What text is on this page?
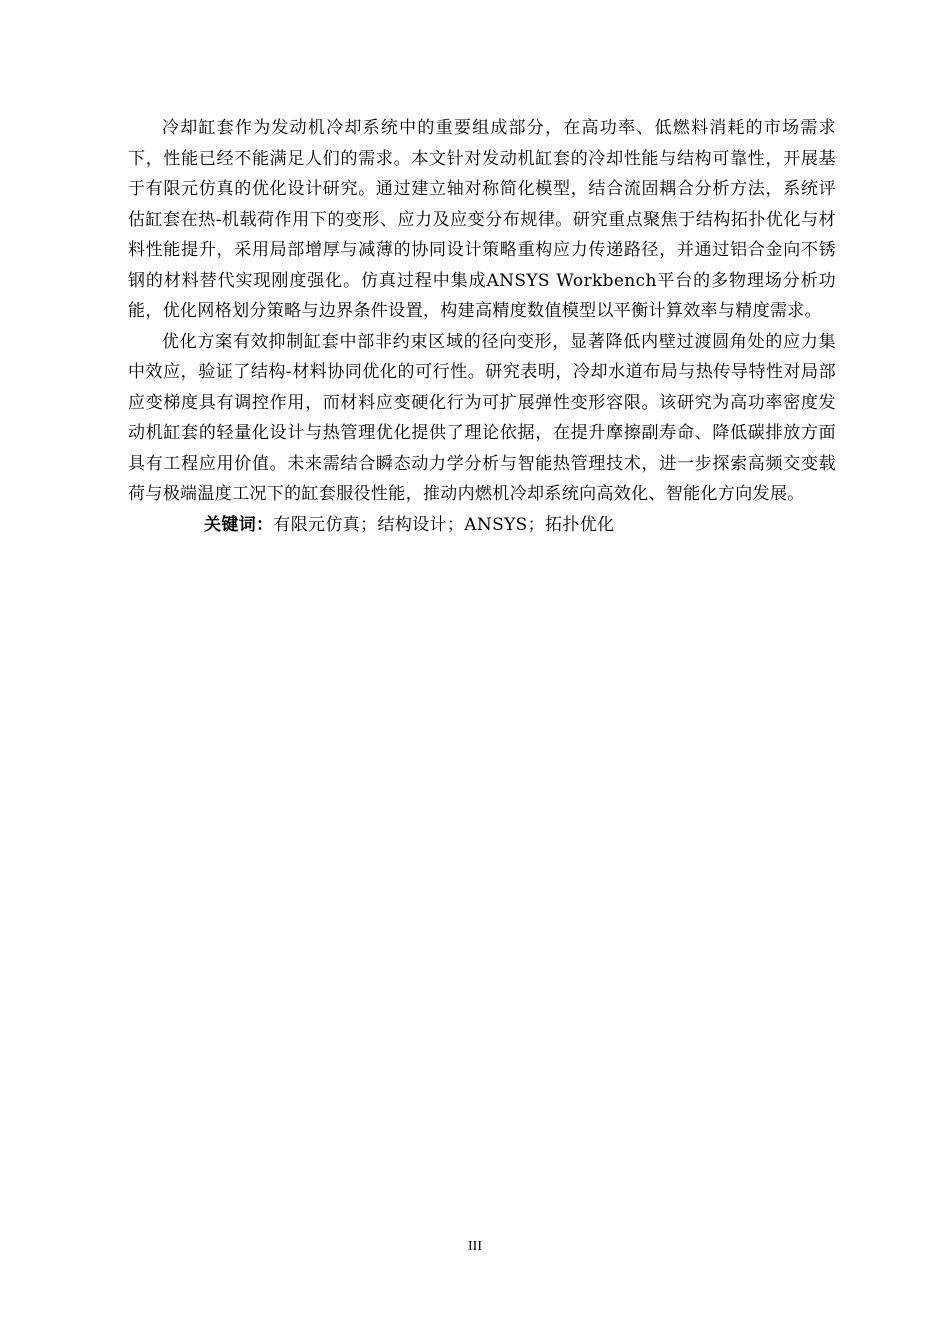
冷却缸套作为发动机冷却系统中的重要组成部分，在高功率、低燃料消耗的市场需求下，性能已经不能满足人们的需求。本文针对发动机缸套的冷却性能与结构可靠性，开展基于有限元仿真的优化设计研究。通过建立轴对称简化模型，结合流固耦合分析方法，系统评估缸套在热-机载荷作用下的变形、应力及应变分布规律。研究重点聚焦于结构拓扑优化与材料性能提升，采用局部增厚与减薄的协同设计策略重构应力传递路径，并通过铝合金向不锈钢的材料替代实现刚度强化。仿真过程中集成ANSYS Workbench平台的多物理场分析功能，优化网格划分策略与边界条件设置，构建高精度数值模型以平衡计算效率与精度需求。

优化方案有效抑制缸套中部非约束区域的径向变形，显著降低内壁过渡圆角处的应力集中效应，验证了结构-材料协同优化的可行性。研究表明，冷却水道布局与热传导特性对局部应变梯度具有调控作用，而材料应变硬化行为可扩展弹性变形容限。该研究为高功率密度发动机缸套的轻量化设计与热管理优化提供了理论依据，在提升摩擦副寿命、降低碳排放方面具有工程应用价值。未来需结合瞬态动力学分析与智能热管理技术，进一步探索高频交变载荷与极端温度工况下的缸套服役性能，推动内燃机冷却系统向高效化、智能化方向发展。

关键词：有限元仿真；结构设计；ANSYS；拓扑优化

III
